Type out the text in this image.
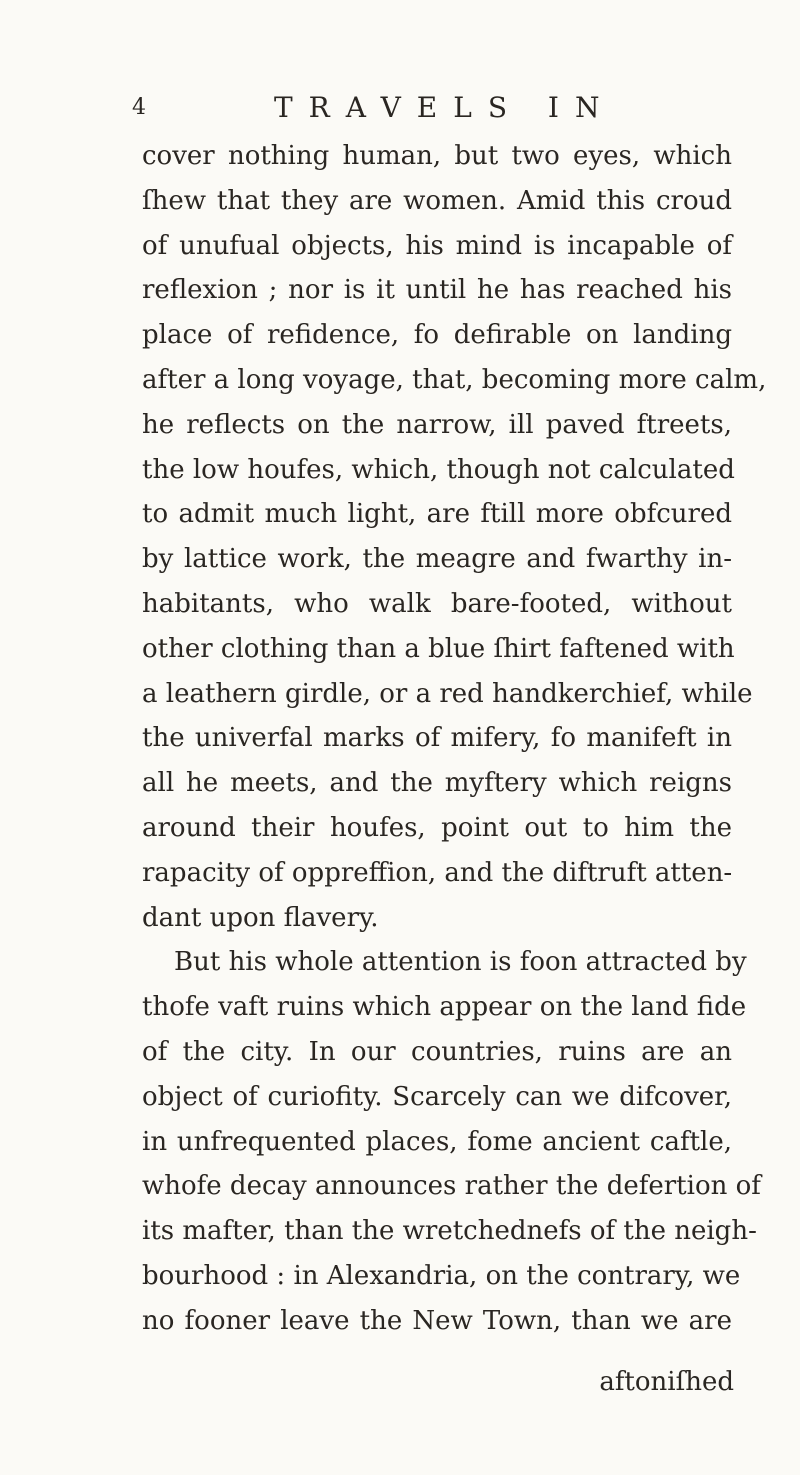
4	TRAVELS IN
cover nothing human, but two eyes, which
ſhew that they are women. Amid this croud
of unufual objects, his mind is incapable of
reflexion ; nor is it until he has reached his
place of refidence, fo defirable on landing
after a long voyage, that, becoming more calm,
he reflects on the narrow, ill paved ftreets,
the low houfes, which, though not calculated
to admit much light, are ftill more obfcured
by lattice work, the meagre and fwarthy in-
habitants, who walk bare-footed, without
other clothing than a blue ſhirt faftened with
a leathern girdle, or a red handkerchief, while
the univerfal marks of mifery, fo manifeft in
all he meets, and the myftery which reigns
around their houfes, point out to him the
rapacity of oppreffion, and the diftruft atten-
dant upon flavery.
But his whole attention is foon attracted by
thofe vaft ruins which appear on the land fide
of the city. In our countries, ruins are an
object of curiofity. Scarcely can we difcover,
in unfrequented places, fome ancient caftle,
whofe decay announces rather the defertion of
its mafter, than the wretchednefs of the neigh-
bourhood : in Alexandria, on the contrary, we
no fooner leave the New Town, than we are
aftoniſhed
